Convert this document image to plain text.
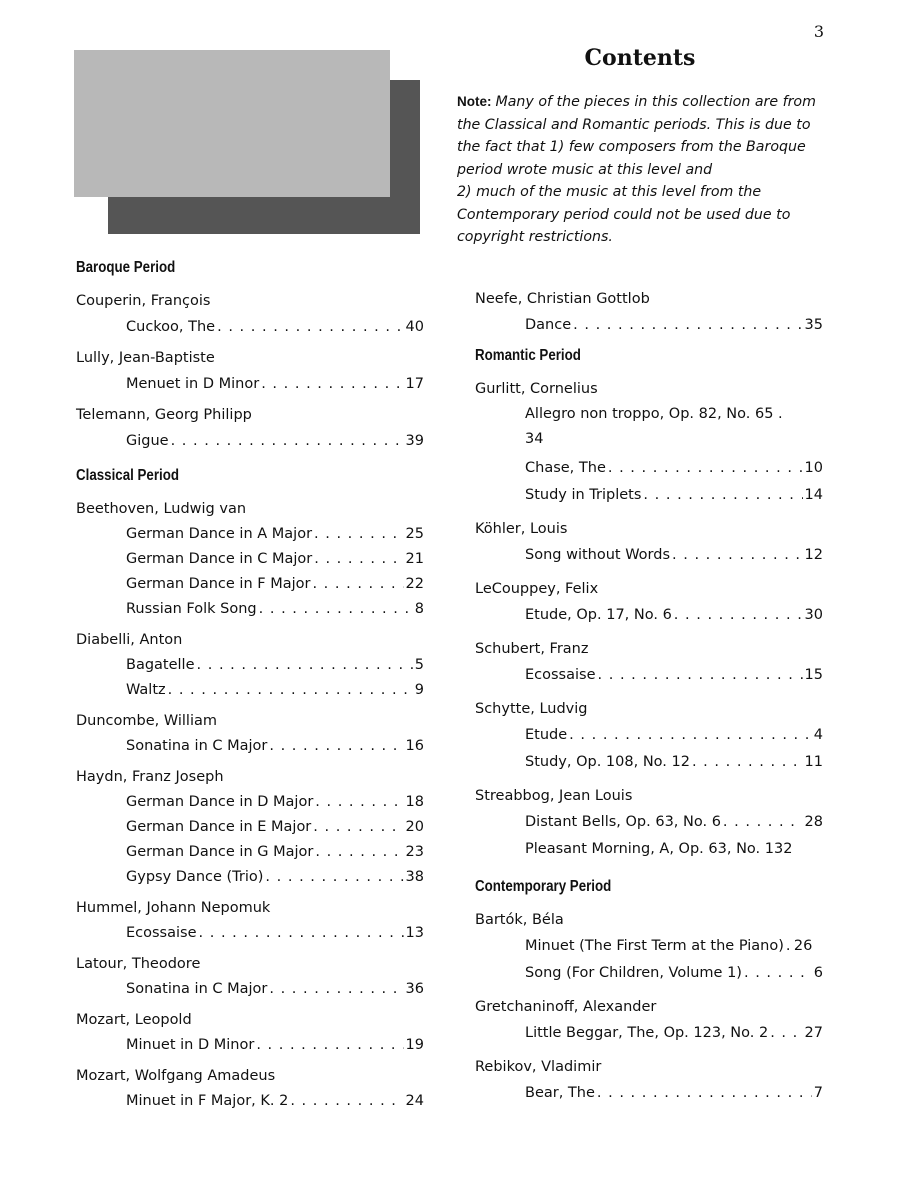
3
Contents
Note: Many of the pieces in this collection are from
the Classical and Romantic periods. This is due to
the fact that 1) few composers from the Baroque
period wrote music at this level and
2) much of the music at this level from the
Contemporary period could not be used due to
copyright restrictions.
Baroque Period
Couperin, François
Cuckoo, The . . .	40
Lully, Jean-Baptiste
Menuet in D Minor . . .	17
Telemann, Georg Philipp
Gigue . . .	39
Classical Period
Beethoven, Ludwig van
German Dance in A Major . . .	25
German Dance in C Major . . .	21
German Dance in F Major . . .	22
Russian Folk Song . . .	8
Diabelli, Anton
Bagatelle . . .	5
Waltz . . .	9
Duncombe, William
Sonatina in C Major . . .	16
Haydn, Franz Joseph
German Dance in D Major . . .	18
German Dance in E Major . . .	20
German Dance in G Major . . .	23
Gypsy Dance (Trio) . . .	38
Hummel, Johann Nepomuk
Ecossaise . . .	13
Latour, Theodore
Sonatina in C Major . . .	36
Mozart, Leopold
Minuet in D Minor . . .	19
Mozart, Wolfgang Amadeus
Minuet in F Major, K. 2 . . .	24
Neefe, Christian Gottlob
Dance . . .	35
Romantic Period
Gurlitt, Cornelius
Allegro non troppo, Op. 82, No. 65 .
34
Chase, The . . .	10
Study in Triplets . . .	14
Köhler, Louis
Song without Words . . .	12
LeCouppey, Felix
Etude, Op. 17, No. 6 . . .	30
Schubert, Franz
Ecossaise . . .	15
Schytte, Ludvig
Etude . . .	4
Study, Op. 108, No. 12 . . .	11
Streabbog, Jean Louis
Distant Bells, Op. 63, No. 6 . . .	28
Pleasant Morning, A, Op. 63, No. 13 2
Contemporary Period
Bartók, Béla
Minuet (The First Term at the Piano) . . . 26
Song (For Children, Volume 1) . . .	6
Gretchaninoff, Alexander
Little Beggar, The, Op. 123, No. 2 . . .	27
Rebikov, Vladimir
Bear, The . . .	7
